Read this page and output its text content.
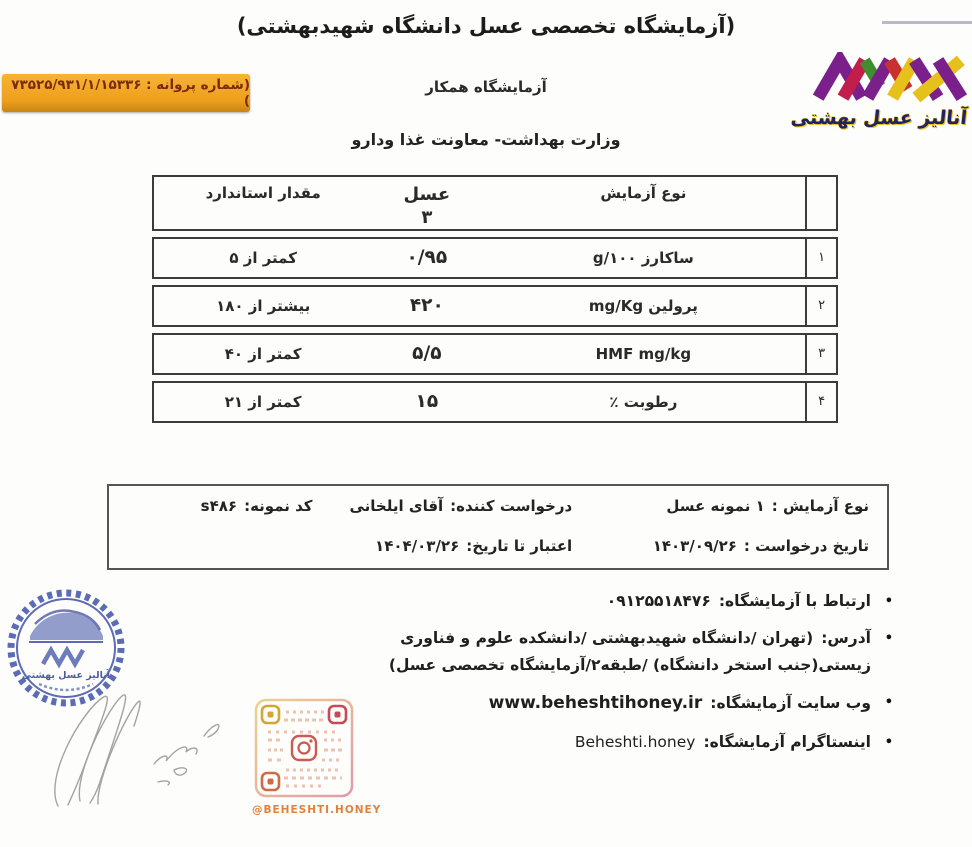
(آزمایشگاه تخصصی عسل دانشگاه شهیدبهشتی)
(شماره پروانه : ۷۳۵۲۵/۹۳۱/۱/۱۵۳۳۶ )
آزمایشگاه همکار
وزارت بهداشت- معاونت غذا ودارو
آنالیز عسل بهشتی
نوع آزمایش
عسل
۳
مقدار استاندارد
۱
ساکارز g/۱۰۰
۰/۹۵
کمتر از ۵
۲
پرولین mg/Kg
۴۲۰
بیشتر از ۱۸۰
۳
HMF mg/kg
۵/۵
کمتر از ۴۰
۴
رطوبت ٪
۱۵
کمتر از ۲۱
نوع آزمایش :۱ نمونه عسل
درخواست کننده:آقای ایلخانی
کد نمونه:s۴۸۶
تاریخ درخواست :۱۴۰۳/۰۹/۲۶
اعتبار تا تاریخ:۱۴۰۴/۰۳/۲۶
•
ارتباط با آزمایشگاه:۰۹۱۲۵۵۱۸۴۷۶
•
آدرس:(تهران /دانشگاه شهیدبهشتی /دانشکده علوم و فناوری زیستی(جنب استخر دانشگاه) /طبقه۲/آزمایشگاه تخصصی عسل)
•
وب سایت آزمایشگاه:www.beheshtihoney.ir
•
اینستاگرام آزمایشگاه:Beheshti.honey
آنالیز عسل بهشتی
@BEHESHTI.HONEY
